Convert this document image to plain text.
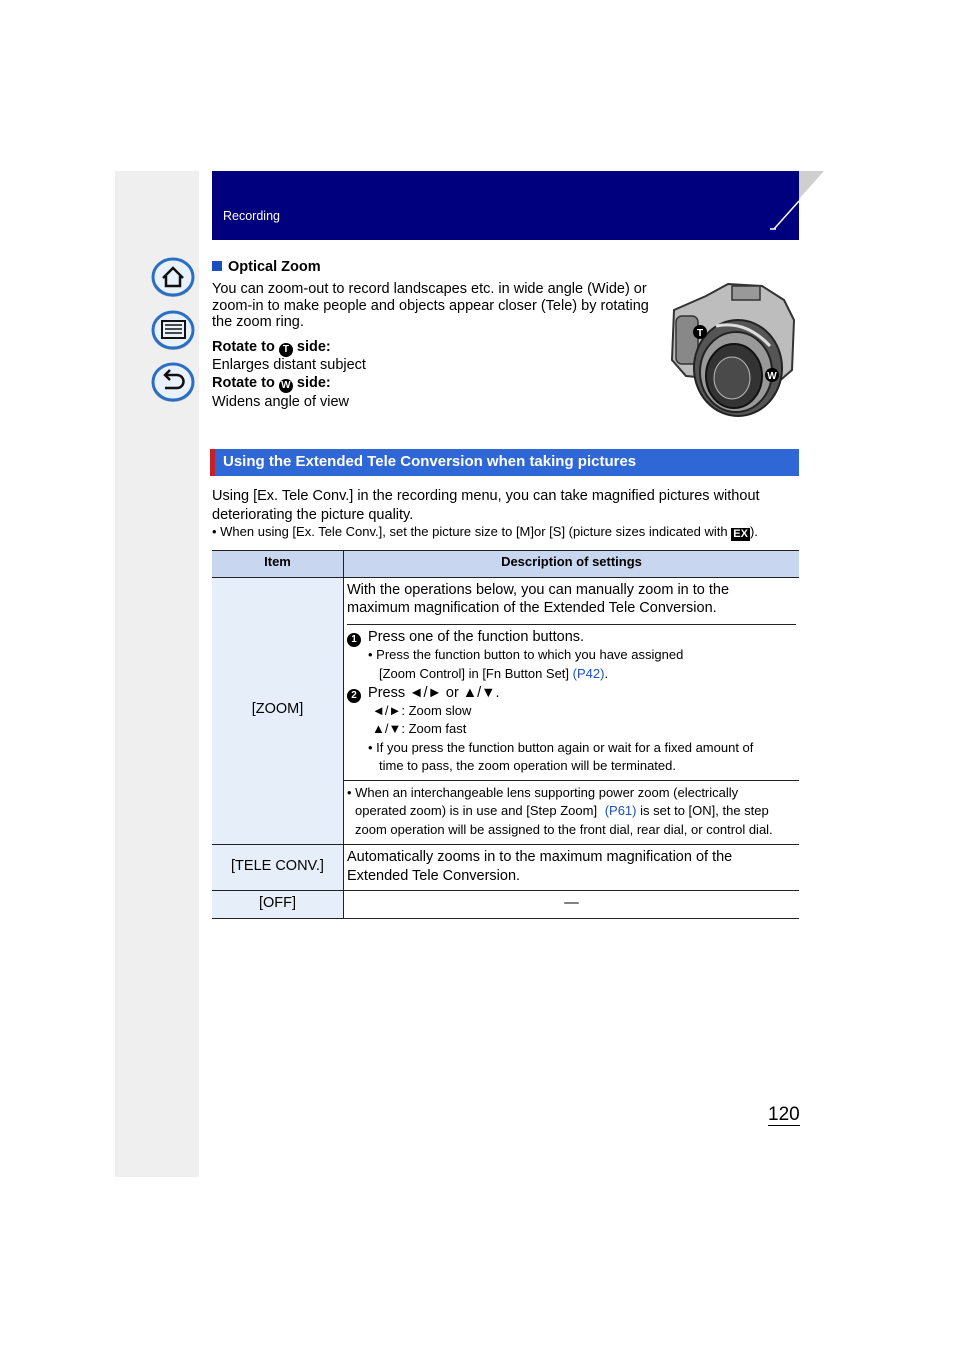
Recording
Optical Zoom
You can zoom-out to record landscapes etc. in wide angle (Wide) or
zoom-in to make people and objects appear closer (Tele) by rotating
the zoom ring.
Rotate to T side:
Enlarges distant subject
Rotate to W side:
Widens angle of view
T
W
Using the Extended Tele Conversion when taking pictures
Using [Ex. Tele Conv.] in the recording menu, you can take magnified pictures without
deteriorating the picture quality.
• When using [Ex. Tele Conv.], set the picture size to [M]or [S] (picture sizes indicated with EX ).
Item	Description of settings
[ZOOM]
With the operations below, you can manually zoom in to the
maximum magnification of the Extended Tele Conversion.
1 Press one of the function buttons.
• Press the function button to which you have assigned
[Zoom Control] in [Fn Button Set] (P42).
2 Press ◄/► or ▲/▼.
◄/►: Zoom slow
▲/▼: Zoom fast
• If you press the function button again or wait for a fixed amount of
time to pass, the zoom operation will be terminated.
• When an interchangeable lens supporting power zoom (electrically
operated zoom) is in use and [Step Zoom] (P61) is set to [ON], the step
zoom operation will be assigned to the front dial, rear dial, or control dial.
[TELE CONV.]
Automatically zooms in to the maximum magnification of the
Extended Tele Conversion.
[OFF]	—
120
